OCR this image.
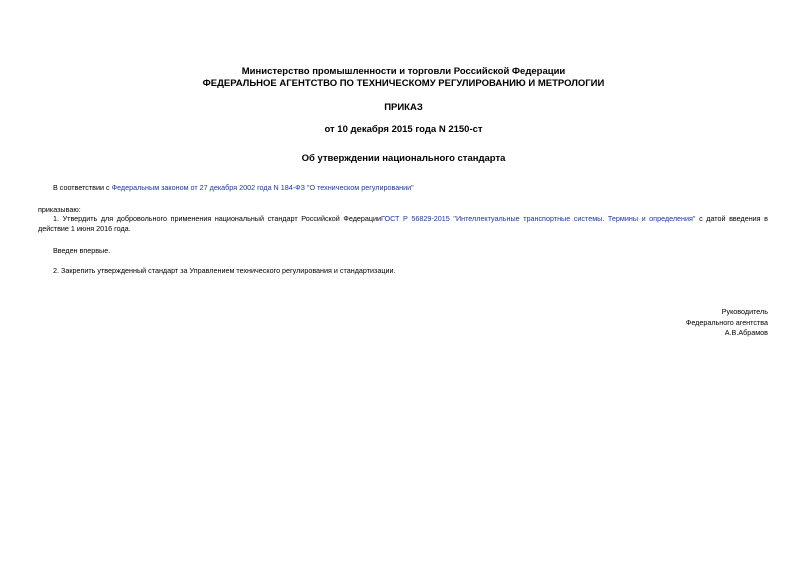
Министерство промышленности и торговли Российской Федерации
ФЕДЕРАЛЬНОЕ АГЕНТСТВО ПО ТЕХНИЧЕСКОМУ РЕГУЛИРОВАНИЮ И МЕТРОЛОГИИ
ПРИКАЗ
от 10 декабря 2015 года N 2150-ст
Об утверждении национального стандарта
В соответствии с Федеральным законом от 27 декабря 2002 года N 184-ФЗ "О техническом регулировании"
приказываю:
1. Утвердить для добровольного применения национальный стандарт Российской ФедерацииГОСТ Р 56829-2015 "Интеллектуальные транспортные системы. Термины и определения" с датой введения в действие 1 июня 2016 года.
Введен впервые.
2. Закрепить утвержденный стандарт за Управлением технического регулирования и стандартизации.
Руководитель
Федерального агентства
А.В.Абрамов
